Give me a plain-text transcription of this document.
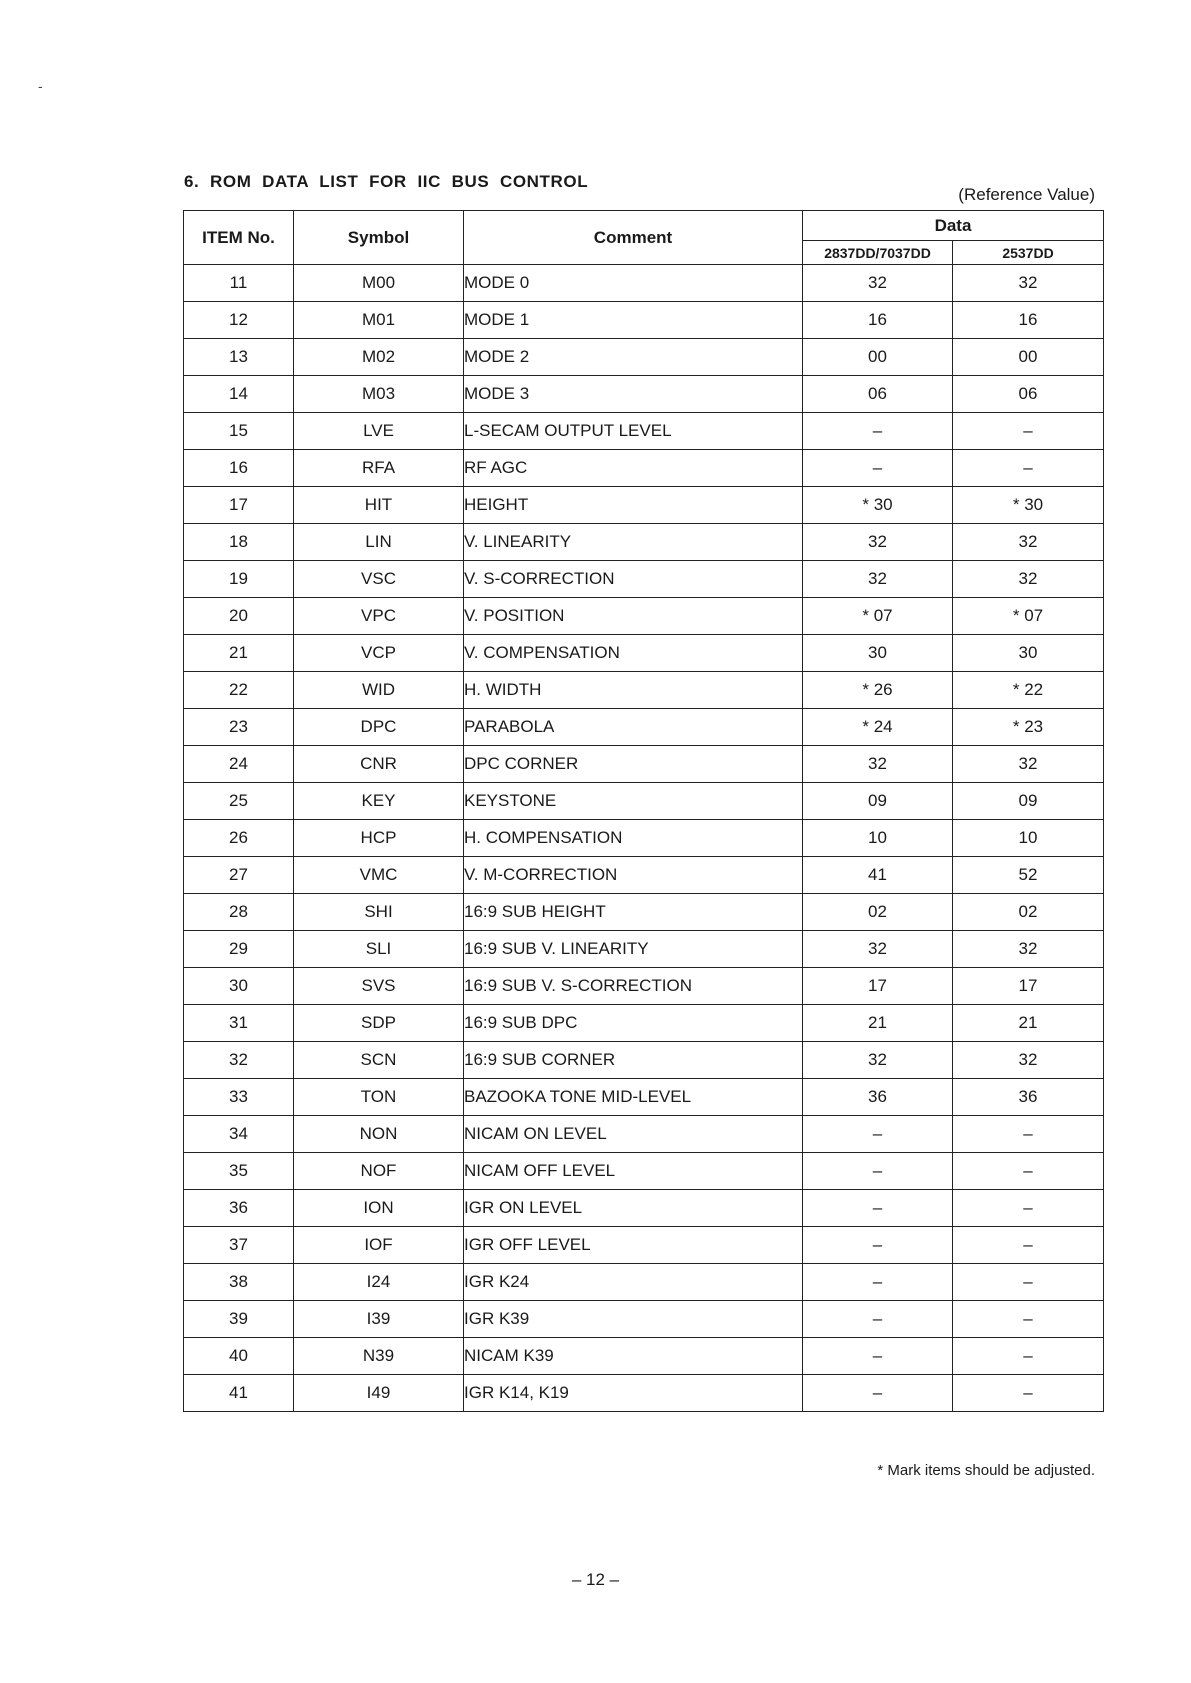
-
6.  ROM  DATA  LIST  FOR  IIC  BUS  CONTROL
(Reference Value)
ITEM No.	Symbol	Comment	Data	
			2837DD/7037DD	2537DD
11	M00	MODE 0	32	32
12	M01	MODE 1	16	16
13	M02	MODE 2	00	00
14	M03	MODE 3	06	06
15	LVE	L-SECAM OUTPUT LEVEL	–	–
16	RFA	RF AGC	–	–
17	HIT	HEIGHT	* 30	* 30
18	LIN	V. LINEARITY	32	32
19	VSC	V. S-CORRECTION	32	32
20	VPC	V. POSITION	* 07	* 07
21	VCP	V. COMPENSATION	30	30
22	WID	H. WIDTH	* 26	* 22
23	DPC	PARABOLA	* 24	* 23
24	CNR	DPC CORNER	32	32
25	KEY	KEYSTONE	09	09
26	HCP	H. COMPENSATION	10	10
27	VMC	V. M-CORRECTION	41	52
28	SHI	16:9 SUB HEIGHT	02	02
29	SLI	16:9 SUB V. LINEARITY	32	32
30	SVS	16:9 SUB V. S-CORRECTION	17	17
31	SDP	16:9 SUB DPC	21	21
32	SCN	16:9 SUB CORNER	32	32
33	TON	BAZOOKA TONE MID-LEVEL	36	36
34	NON	NICAM ON LEVEL	–	–
35	NOF	NICAM OFF LEVEL	–	–
36	ION	IGR ON LEVEL	–	–
37	IOF	IGR OFF LEVEL	–	–
38	I24	IGR K24	–	–
39	I39	IGR K39	–	–
40	N39	NICAM K39	–	–
41	I49	IGR K14, K19	–	–
* Mark items should be adjusted.
– 12 –
